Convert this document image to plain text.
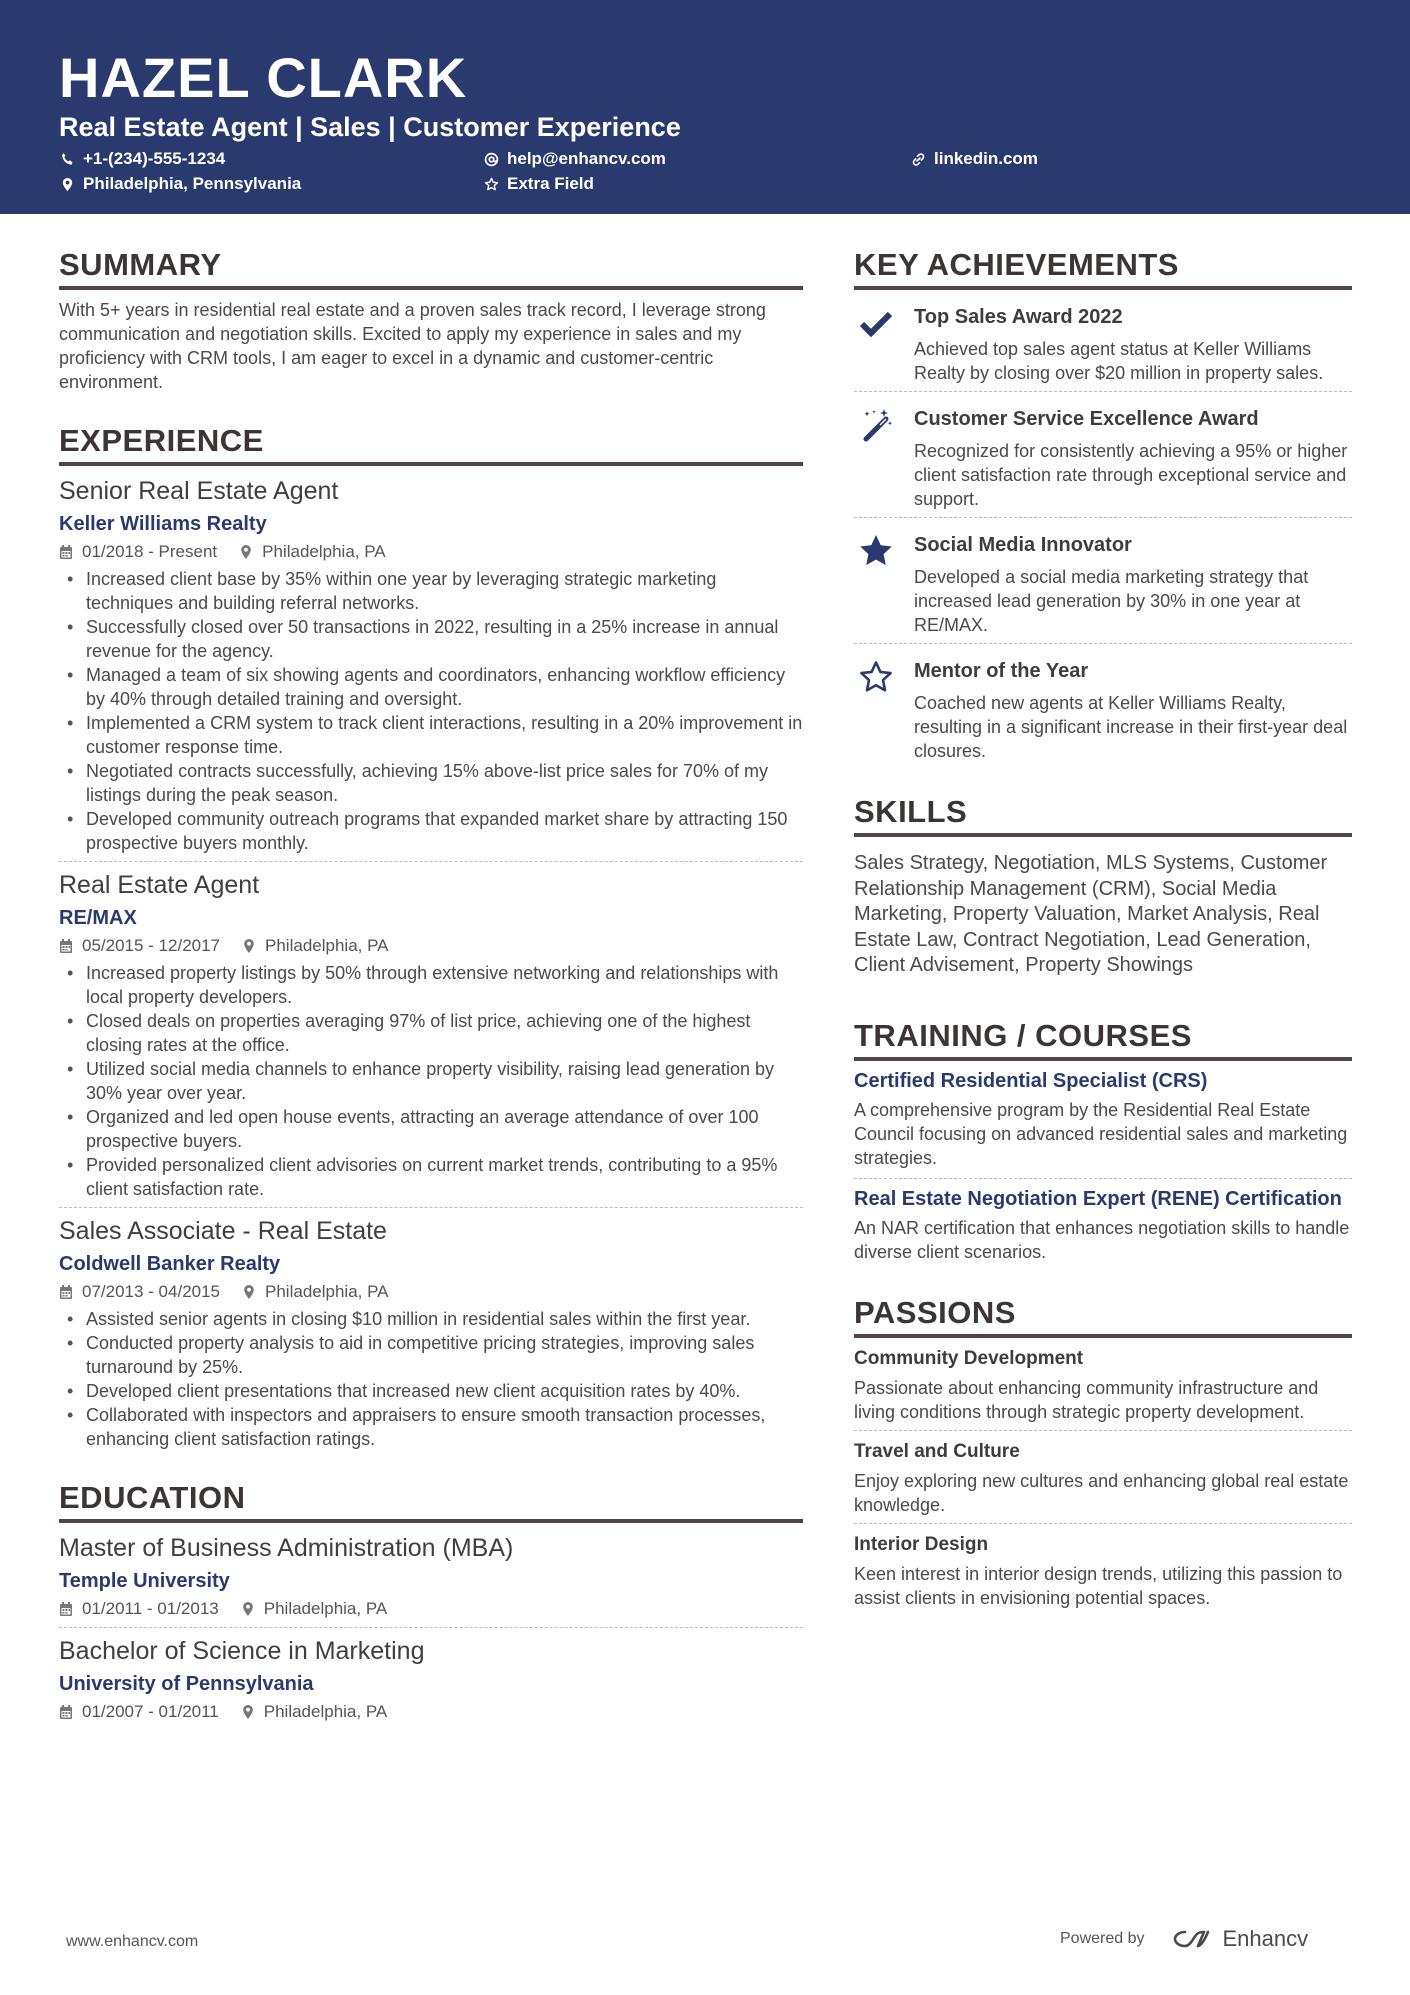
HAZEL CLARK
Real Estate Agent | Sales | Customer Experience
+1-(234)-555-1234	help@enhancv.com	linkedin.com
Philadelphia, Pennsylvania	Extra Field
SUMMARY

With 5+ years in residential real estate and a proven sales track record, I leverage strong communication and negotiation skills. Excited to apply my experience in sales and my proficiency with CRM tools, I am eager to excel in a dynamic and customer-centric environment.

EXPERIENCE
Senior Real Estate Agent
Keller Williams Realty
01/2018 - Present	Philadelphia, PA
• Increased client base by 35% within one year by leveraging strategic marketing techniques and building referral networks.
• Successfully closed over 50 transactions in 2022, resulting in a 25% increase in annual revenue for the agency.
• Managed a team of six showing agents and coordinators, enhancing workflow efficiency by 40% through detailed training and oversight.
• Implemented a CRM system to track client interactions, resulting in a 20% improvement in customer response time.
• Negotiated contracts successfully, achieving 15% above-list price sales for 70% of my listings during the peak season.
• Developed community outreach programs that expanded market share by attracting 150 prospective buyers monthly.
Real Estate Agent
RE/MAX
05/2015 - 12/2017	Philadelphia, PA
• Increased property listings by 50% through extensive networking and relationships with local property developers.
• Closed deals on properties averaging 97% of list price, achieving one of the highest closing rates at the office.
• Utilized social media channels to enhance property visibility, raising lead generation by 30% year over year.
• Organized and led open house events, attracting an average attendance of over 100 prospective buyers.
• Provided personalized client advisories on current market trends, contributing to a 95% client satisfaction rate.
Sales Associate - Real Estate
Coldwell Banker Realty
07/2013 - 04/2015	Philadelphia, PA
• Assisted senior agents in closing $10 million in residential sales within the first year.
• Conducted property analysis to aid in competitive pricing strategies, improving sales turnaround by 25%.
• Developed client presentations that increased new client acquisition rates by 40%.
• Collaborated with inspectors and appraisers to ensure smooth transaction processes, enhancing client satisfaction ratings.
EDUCATION
Master of Business Administration (MBA)
Temple University
01/2011 - 01/2013	Philadelphia, PA
Bachelor of Science in Marketing
University of Pennsylvania
01/2007 - 01/2011	Philadelphia, PA
KEY ACHIEVEMENTS
Top Sales Award 2022
Achieved top sales agent status at Keller Williams Realty by closing over $20 million in property sales.
Customer Service Excellence Award
Recognized for consistently achieving a 95% or higher client satisfaction rate through exceptional service and support.
Social Media Innovator
Developed a social media marketing strategy that increased lead generation by 30% in one year at RE/MAX.
Mentor of the Year
Coached new agents at Keller Williams Realty, resulting in a significant increase in their first-year deal closures.
SKILLS

Sales Strategy, Negotiation, MLS Systems, Customer Relationship Management (CRM), Social Media Marketing, Property Valuation, Market Analysis, Real Estate Law, Contract Negotiation, Lead Generation, Client Advisement, Property Showings

TRAINING / COURSES
Certified Residential Specialist (CRS)
A comprehensive program by the Residential Real Estate Council focusing on advanced residential sales and marketing strategies.
Real Estate Negotiation Expert (RENE) Certification
An NAR certification that enhances negotiation skills to handle diverse client scenarios.
PASSIONS
Community Development
Passionate about enhancing community infrastructure and living conditions through strategic property development.
Travel and Culture
Enjoy exploring new cultures and enhancing global real estate knowledge.
Interior Design
Keen interest in interior design trends, utilizing this passion to assist clients in envisioning potential spaces.
www.enhancv.com	Powered by	Enhancv
